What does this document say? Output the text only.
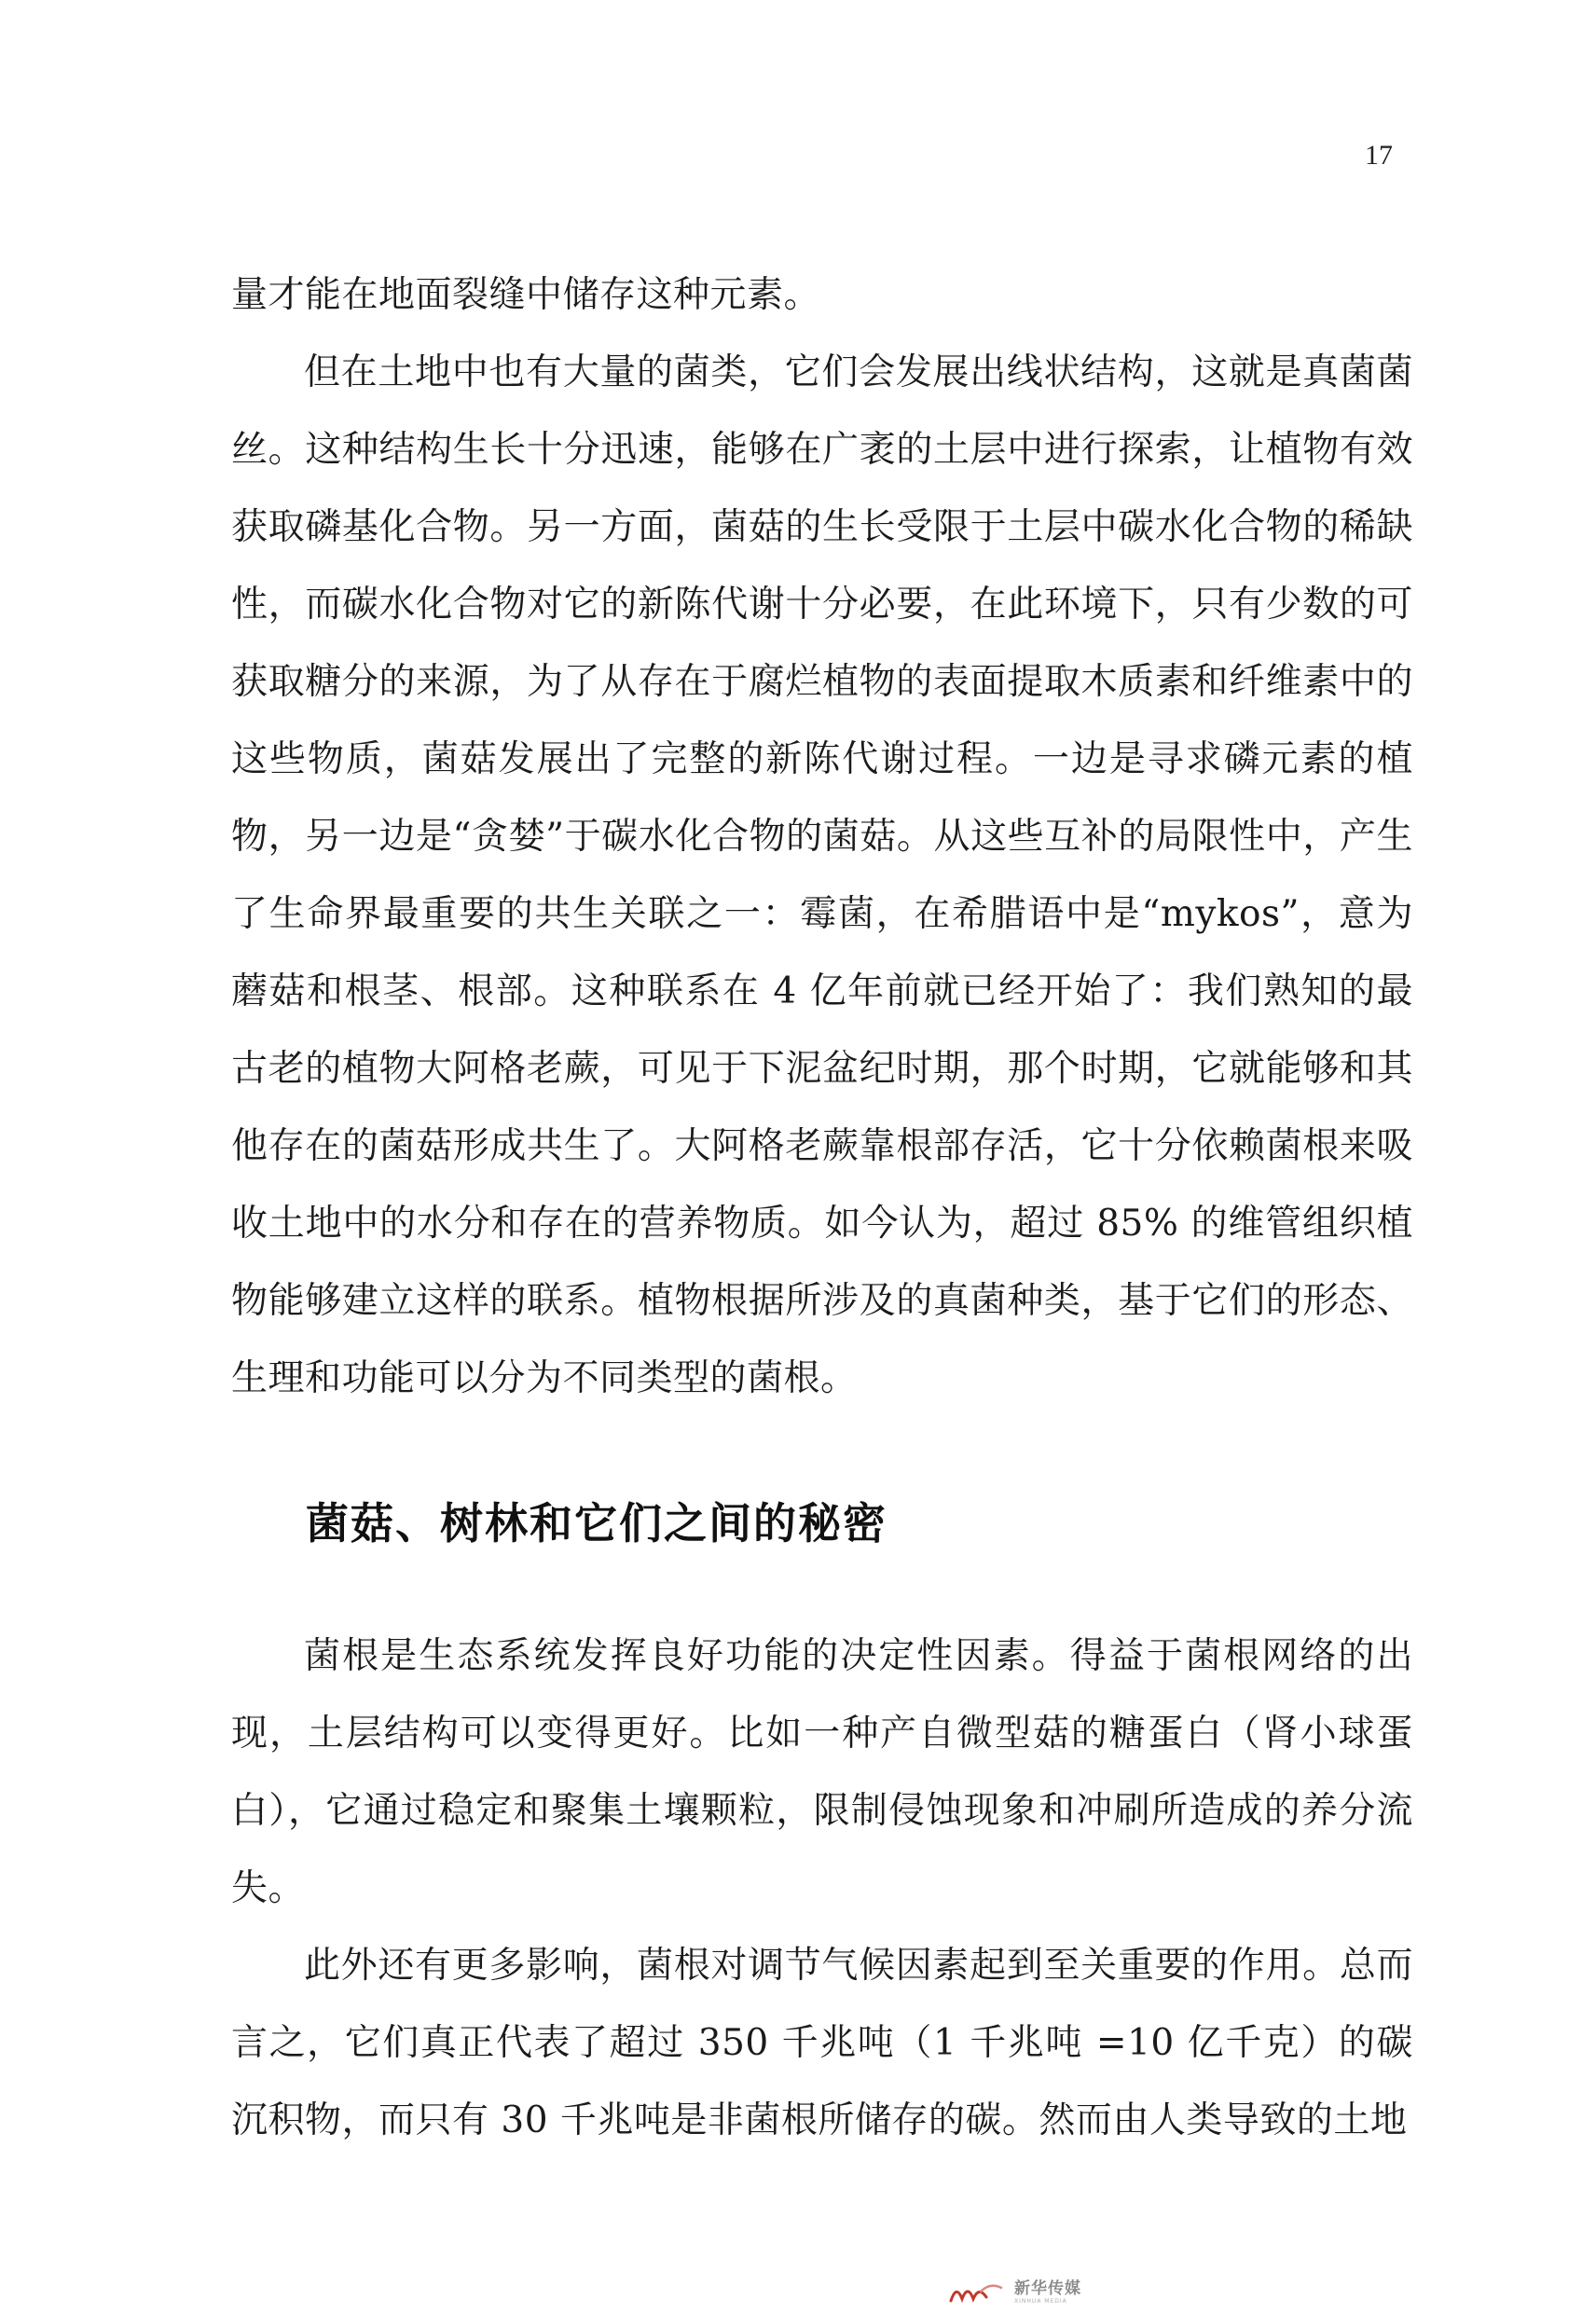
17

量才能在地面裂缝中储存这种元素。

但在土地中也有大量的菌类，它们会发展出线状结构，这就是真菌菌丝。这种结构生长十分迅速，能够在广袤的土层中进行探索，让植物有效获取磷基化合物。另一方面，菌菇的生长受限于土层中碳水化合物的稀缺性，而碳水化合物对它的新陈代谢十分必要，在此环境下，只有少数的可获取糖分的来源，为了从存在于腐烂植物的表面提取木质素和纤维素中的这些物质，菌菇发展出了完整的新陈代谢过程。一边是寻求磷元素的植物，另一边是“贪婪”于碳水化合物的菌菇。从这些互补的局限性中，产生了生命界最重要的共生关联之一：霉菌，在希腊语中是“mykos”，意为蘑菇和根茎、根部。这种联系在 4 亿年前就已经开始了：我们熟知的最古老的植物大阿格老蕨，可见于下泥盆纪时期，那个时期，它就能够和其他存在的菌菇形成共生了。大阿格老蕨靠根部存活，它十分依赖菌根来吸收土地中的水分和存在的营养物质。如今认为，超过 85% 的维管组织植物能够建立这样的联系。植物根据所涉及的真菌种类，基于它们的形态、生理和功能可以分为不同类型的菌根。

菌菇、树林和它们之间的秘密

菌根是生态系统发挥良好功能的决定性因素。得益于菌根网络的出现，土层结构可以变得更好。比如一种产自微型菇的糖蛋白（肾小球蛋白），它通过稳定和聚集土壤颗粒，限制侵蚀现象和冲刷所造成的养分流失。

此外还有更多影响，菌根对调节气候因素起到至关重要的作用。总而言之，它们真正代表了超过 350 千兆吨（1 千兆吨 =10 亿千克）的碳沉积物，而只有 30 千兆吨是非菌根所储存的碳。然而由人类导致的土地

新华传媒
XINHUA MEDIA
